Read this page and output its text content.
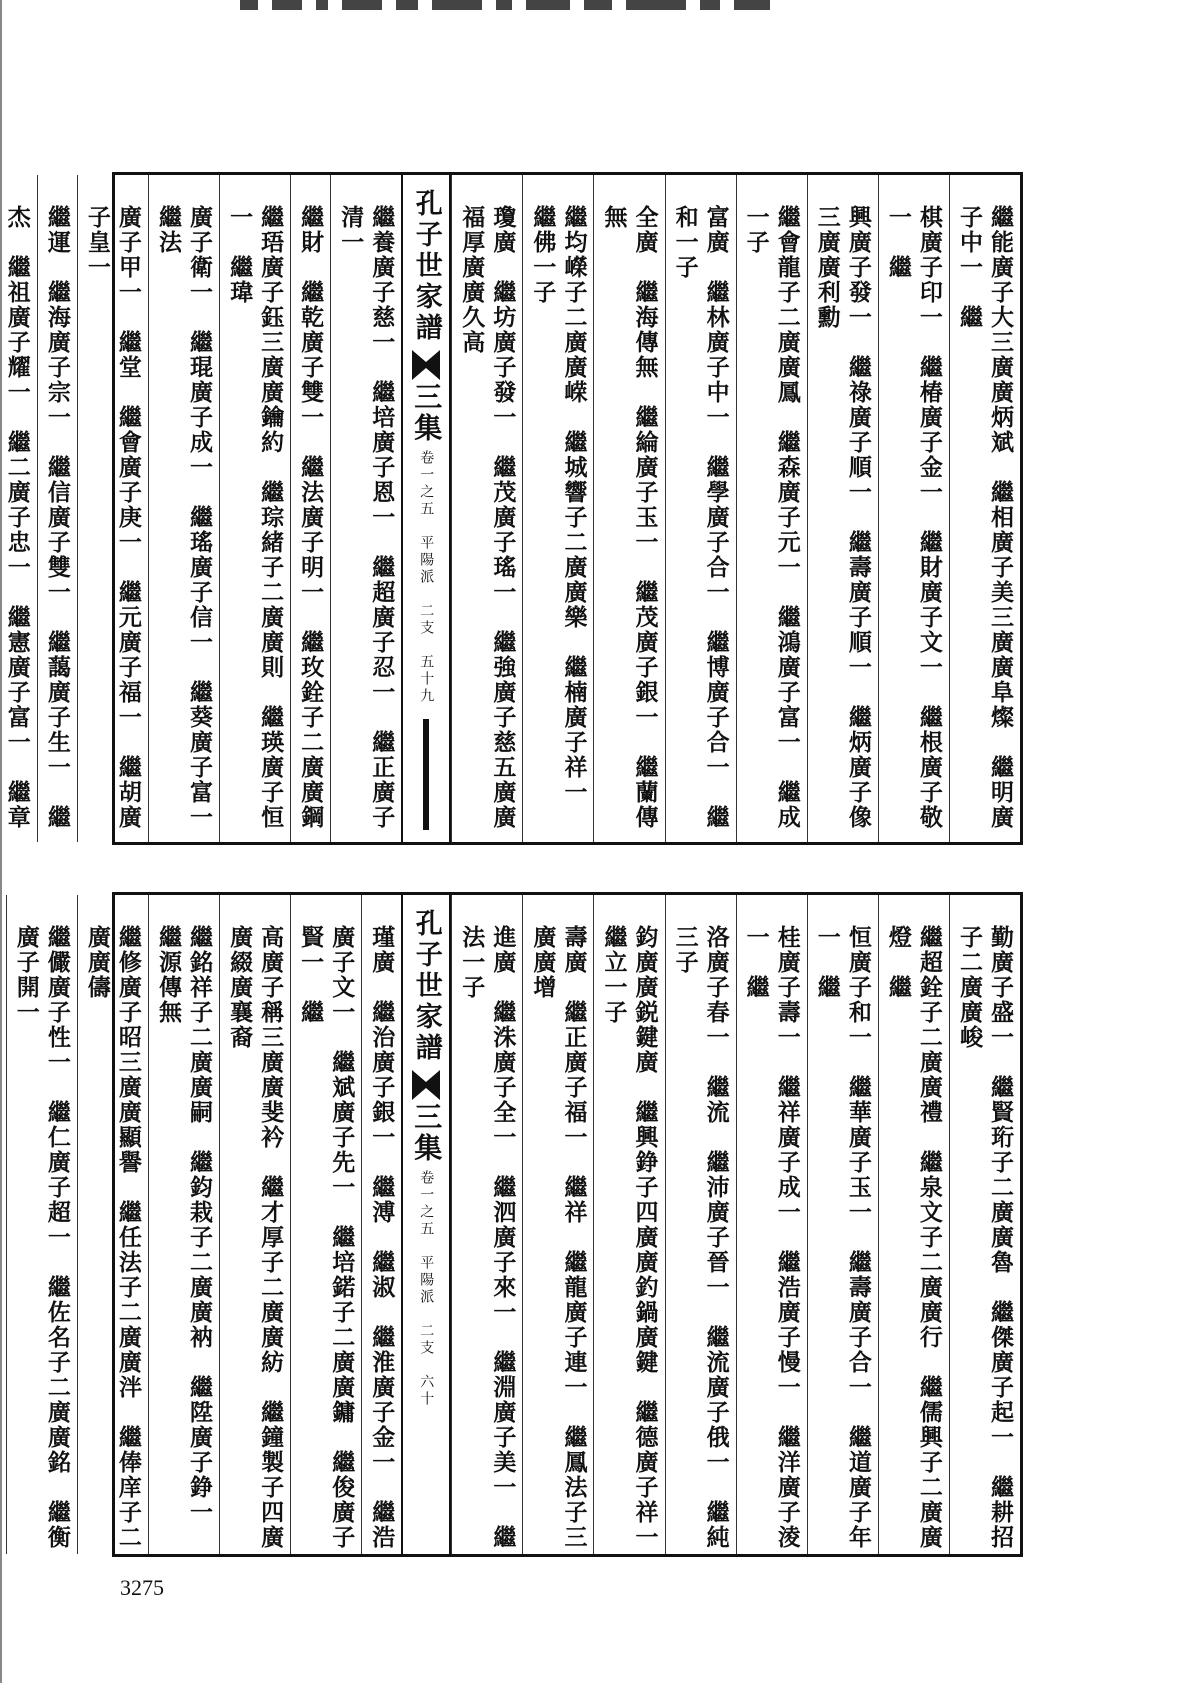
繼能廣子大三廣廣炳斌　繼相廣子美三廣廣阜燦　繼明廣子中一　繼
棋廣子印一　繼椿廣子金一　繼財廣子文一　繼根廣子敬一　繼
興廣子發一　繼祿廣子順一　繼壽廣子順一　繼炳廣子像三廣廣利勳
繼會龍子二廣廣鳳　繼森廣子元一　繼鴻廣子富一　繼成一子
富廣　繼林廣子中一　繼學廣子合一　繼博廣子合一　繼和一子
全廣　繼海傳無　繼綸廣子玉一　繼茂廣子銀一　繼蘭傳無
繼均嶸子二廣廣嵘　繼城響子二廣廣樂　繼楠廣子祥一　繼佛一子
瓊廣　繼坊廣子發一　繼茂廣子瑤一　繼強廣子慈五廣廣福厚廣廣久高
孔子世家譜
三集
卷一之五　平陽派　二支　五十九
繼養廣子慈一　繼培廣子恩一　繼超廣子忍一　繼正廣子清一
繼財　繼乾廣子雙一　繼法廣子明一　繼玫銓子二廣廣鋼
繼珸廣子鈺三廣廣鑰約　繼琮緒子二廣廣則　繼瑛廣子恒一　繼瑋
廣子衛一　繼琨廣子成一　繼瑤廣子信一　繼葵廣子富一　繼法
廣子甲一　繼堂　繼會廣子庚一　繼元廣子福一　繼胡廣子皇一
繼運　繼海廣子宗一　繼信廣子雙一　繼藹廣子生一　繼
杰　繼祖廣子耀一　繼二廣子忠一　繼憲廣子富一　繼章
勤廣子盛一　繼賢珩子二廣廣魯　繼傑廣子起一　繼耕招子二廣廣峻
繼超銓子二廣廣禮　繼泉文子二廣廣行　繼儒興子二廣廣燈　繼
恒廣子和一　繼華廣子玉一　繼壽廣子合一　繼道廣子年一　繼
桂廣子壽一　繼祥廣子成一　繼浩廣子慢一　繼洋廣子淩一　繼
洛廣子春一　繼流　繼沛廣子晉一　繼流廣子俄一　繼純三子
鈞廣廣鋭鍵廣　繼興錚子四廣廣釣鍋廣鍵　繼德廣子祥一　繼立一子
壽廣　繼正廣子福一　繼祥　繼龍廣子連一　繼鳳法子三廣廣增
進廣　繼洙廣子全一　繼泗廣子來一　繼淵廣子美一　繼法一子
孔子世家譜
三集
卷一之五　平陽派　二支　六十
瑾廣　繼治廣子銀一　繼溥　繼淑　繼淮廣子金一　繼浩
廣子文一　繼斌廣子先一　繼培鍩子二廣廣鏞　繼俊廣子賢一　繼
高廣子稱三廣廣斐衿　繼才厚子二廣廣紡　繼鐘製子四廣廣綴廣襄裔
繼銘祥子二廣廣嗣　繼鈞栽子二廣廣衲　繼陞廣子錚一　繼源傳無
繼修廣子昭三廣廣顯譽　繼任法子二廣廣泮　繼俸庠子二廣廣儔
繼儼廣子性一　繼仁廣子超一　繼佐名子二廣廣銘　繼衡廣子開一
3275
